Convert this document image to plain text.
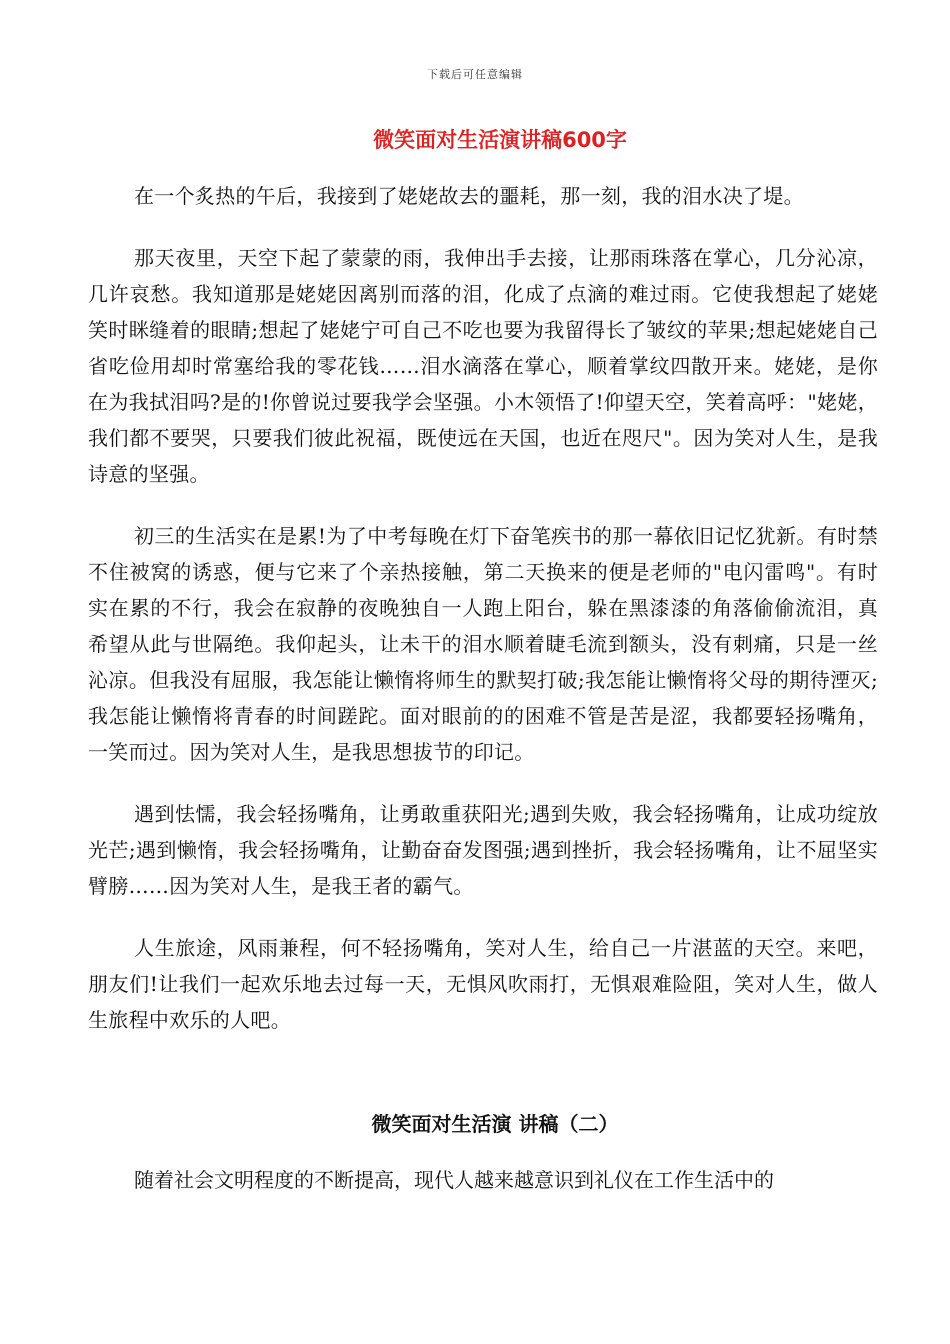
下载后可任意编辑
微笑面对生活演讲稿600字

在一个炙热的午后，我接到了姥姥故去的噩耗，那一刻，我的泪水决了堤。

那天夜里，天空下起了蒙蒙的雨，我伸出手去接，让那雨珠落在掌心，几分沁凉，几许哀愁。我知道那是姥姥因离别而落的泪，化成了点滴的难过雨。它使我想起了姥姥笑时眯缝着的眼睛;想起了姥姥宁可自己不吃也要为我留得长了皱纹的苹果;想起姥姥自己省吃俭用却时常塞给我的零花钱……泪水滴落在掌心，顺着掌纹四散开来。姥姥，是你在为我拭泪吗?是的!你曾说过要我学会坚强。小木领悟了!仰望天空，笑着高呼："姥姥，我们都不要哭，只要我们彼此祝福，既使远在天国，也近在咫尺"。因为笑对人生，是我诗意的坚强。

初三的生活实在是累!为了中考每晚在灯下奋笔疾书的那一幕依旧记忆犹新。有时禁不住被窝的诱惑，便与它来了个亲热接触，第二天换来的便是老师的"电闪雷鸣"。有时实在累的不行，我会在寂静的夜晚独自一人跑上阳台，躲在黑漆漆的角落偷偷流泪，真希望从此与世隔绝。我仰起头，让未干的泪水顺着睫毛流到额头，没有刺痛，只是一丝沁凉。但我没有屈服，我怎能让懒惰将师生的默契打破;我怎能让懒惰将父母的期待湮灭;我怎能让懒惰将青春的时间蹉跎。面对眼前的的困难不管是苦是涩，我都要轻扬嘴角，一笑而过。因为笑对人生，是我思想拔节的印记。

遇到怯懦，我会轻扬嘴角，让勇敢重获阳光;遇到失败，我会轻扬嘴角，让成功绽放光芒;遇到懒惰，我会轻扬嘴角，让勤奋奋发图强;遇到挫折，我会轻扬嘴角，让不屈坚实臂膀……因为笑对人生，是我王者的霸气。

人生旅途，风雨兼程，何不轻扬嘴角，笑对人生，给自己一片湛蓝的天空。来吧，朋友们!让我们一起欢乐地去过每一天，无惧风吹雨打，无惧艰难险阻，笑对人生，做人生旅程中欢乐的人吧。

微笑面对生活演 讲稿（二）

随着社会文明程度的不断提高，现代人越来越意识到礼仪在工作生活中的
